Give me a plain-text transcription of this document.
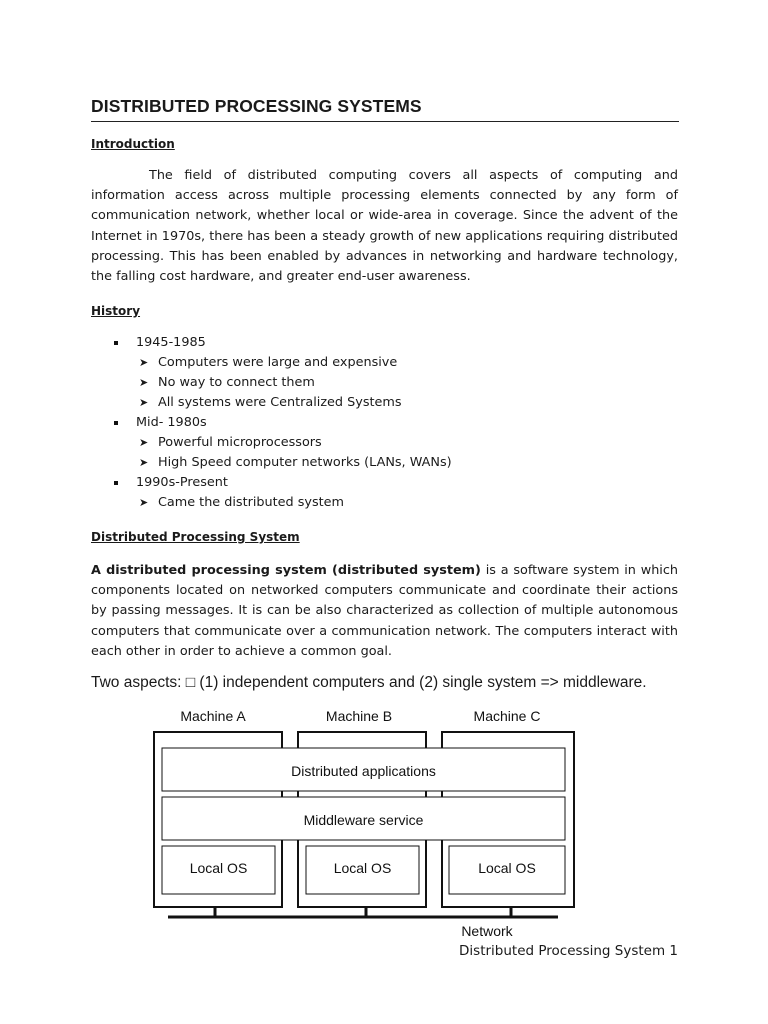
DISTRIBUTED PROCESSING SYSTEMS
Introduction

The field of distributed computing covers all aspects of computing and information access across multiple processing elements connected by any form of communication network, whether local or wide-area in coverage. Since the advent of the Internet in 1970s, there has been a steady growth of new applications requiring distributed processing. This has been enabled by advances in networking and hardware technology, the falling cost hardware, and greater end-user awareness.

History
1945-1985
➤ Computers were large and expensive
➤ No way to connect them
➤ All systems were Centralized Systems
Mid- 1980s
➤ Powerful microprocessors
➤ High Speed computer networks (LANs, WANs)
1990s-Present
➤ Came the distributed system
Distributed Processing System

A distributed processing system (distributed system) is a software system in which components located on networked computers communicate and coordinate their actions by passing messages. It is can be also characterized as collection of multiple autonomous computers that communicate over a communication network. The computers interact with each other in order to achieve a common goal.

Two aspects: □ (1) independent computers and (2) single system => middleware.

Machine A	Machine B	Machine C
Distributed applications
Middleware service
Local OS	Local OS	Local OS
Network

Distributed Processing System 1
